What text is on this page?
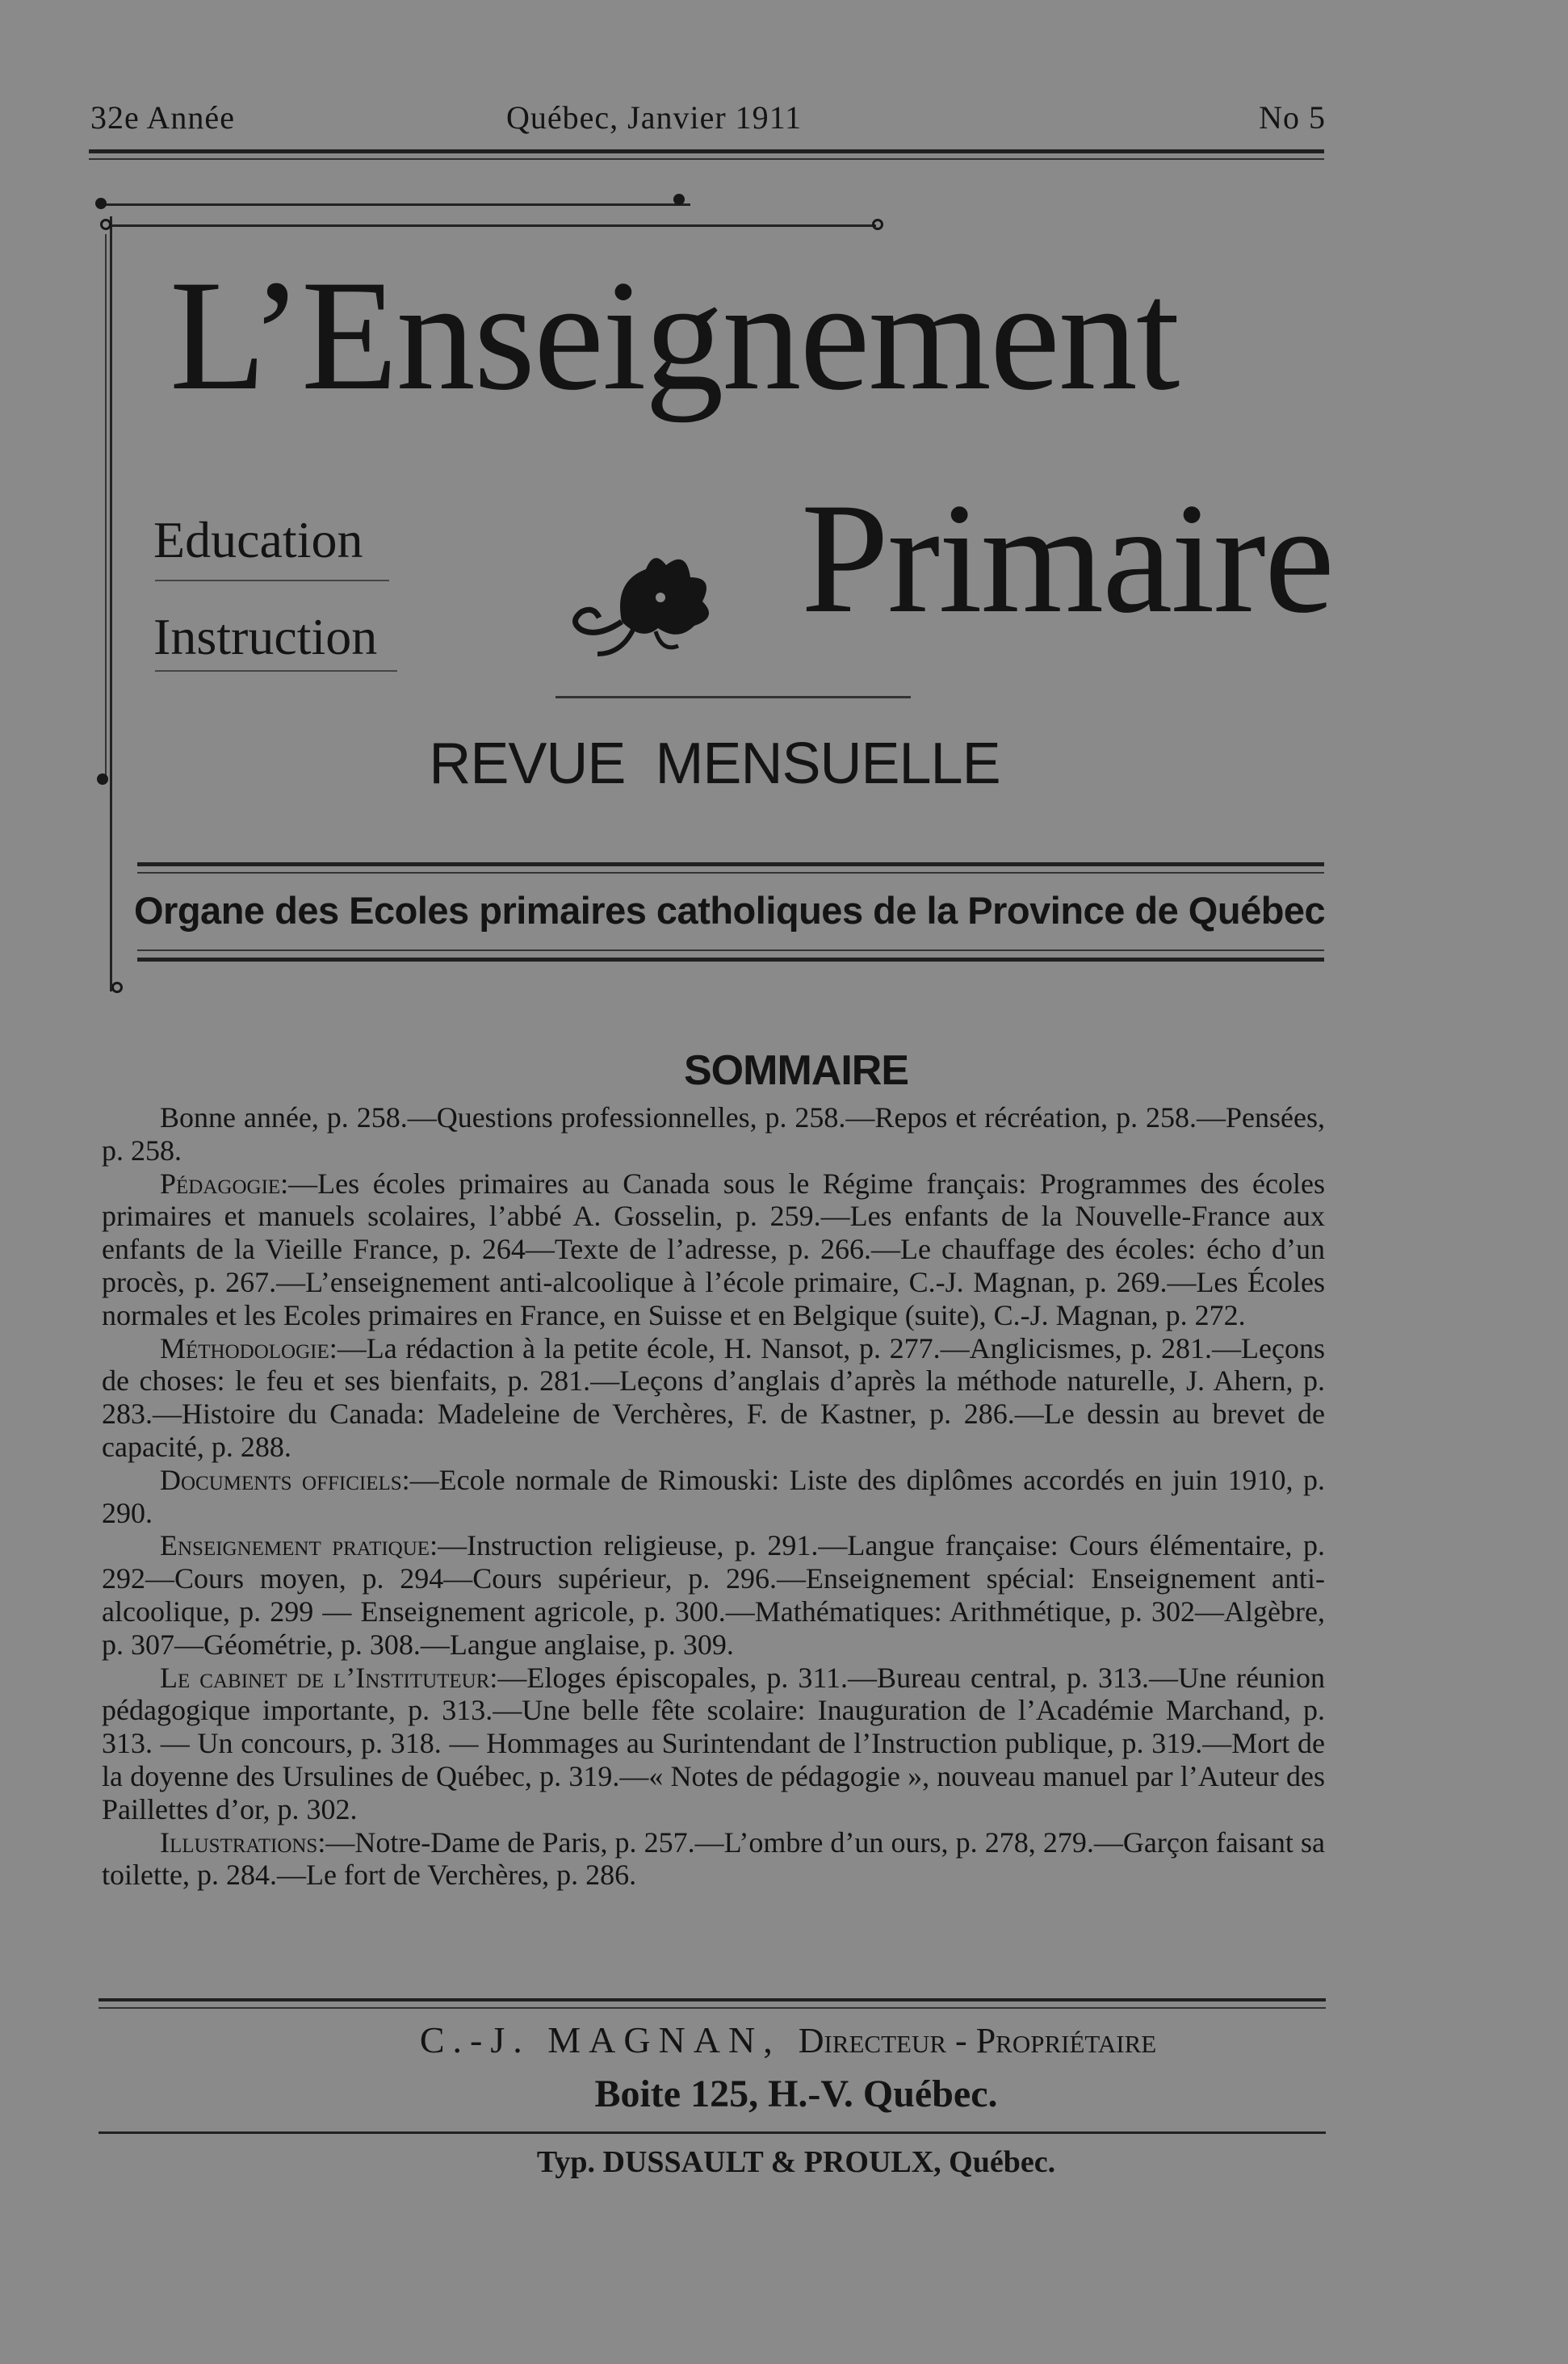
32e Année	Québec, Janvier 1911	No 5
L’Enseignement
Education
Instruction	Primaire
REVUE MENSUELLE
Organe des Ecoles primaires catholiques de la Province de Québec
SOMMAIRE

Bonne année, p. 258.—Questions professionnelles, p. 258.—Repos et récréation, p. 258.—Pensées, p. 258.

Pédagogie:—Les écoles primaires au Canada sous le Régime français: Programmes des écoles primaires et manuels scolaires, l’abbé A. Gosselin, p. 259.—Les enfants de la Nouvelle-France aux enfants de la Vieille France, p. 264—Texte de l’adresse, p. 266.—Le chauffage des écoles: écho d’un procès, p. 267.—L’enseignement anti-alcoolique à l’école primaire, C.-J. Magnan, p. 269.—Les Écoles normales et les Ecoles primaires en France, en Suisse et en Belgique (suite), C.-J. Magnan, p. 272.

Méthodologie:—La rédaction à la petite école, H. Nansot, p. 277.—Anglicismes, p. 281.—Leçons de choses: le feu et ses bienfaits, p. 281.—Leçons d’anglais d’après la méthode naturelle, J. Ahern, p. 283.—Histoire du Canada: Madeleine de Verchères, F. de Kastner, p. 286.—Le dessin au brevet de capacité, p. 288.

Documents officiels:—Ecole normale de Rimouski: Liste des diplômes accordés en juin 1910, p. 290.

Enseignement pratique:—Instruction religieuse, p. 291.—Langue française: Cours élémentaire, p. 292—Cours moyen, p. 294—Cours supérieur, p. 296.—Enseignement spécial: Enseignement anti-alcoolique, p. 299 — Enseignement agricole, p. 300.—Mathématiques: Arithmétique, p. 302—Algèbre, p. 307—Géométrie, p. 308.—Langue anglaise, p. 309.

Le cabinet de l’Instituteur:—Eloges épiscopales, p. 311.—Bureau central, p. 313.—Une réunion pédagogique importante, p. 313.—Une belle fête scolaire: Inauguration de l’Académie Marchand, p. 313. — Un concours, p. 318. — Hommages au Surintendant de l’Instruction publique, p. 319.—Mort de la doyenne des Ursulines de Québec, p. 319.—« Notes de pédagogie », nouveau manuel par l’Auteur des Paillettes d’or, p. 302.

Illustrations:—Notre-Dame de Paris, p. 257.—L’ombre d’un ours, p. 278, 279.—Garçon faisant sa toilette, p. 284.—Le fort de Verchères, p. 286.

C.-J. MAGNAN, Directeur - Propriétaire
Boite 125, H.-V. Québec.
Typ. DUSSAULT & PROULX, Québec.
